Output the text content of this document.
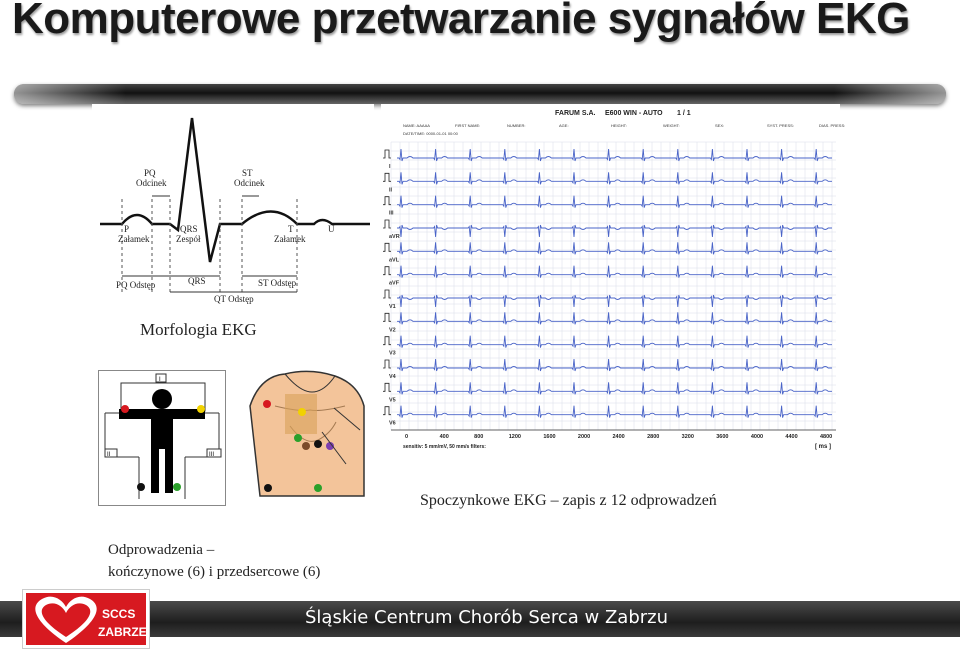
Komputerowe przetwarzanie sygnałów EKG
PQ
Odcinek
ST
Odcinek
P
Załamek
QRS
Zespół
T
Załamek
U
PQ Odstęp	QRS	ST Odstęp
QT Odstęp
Morfologia EKG
I
II	III
Odprowadzenia –
kończynowe (6) i przedsercowe (6)
FARUM S.A. E600 WIN - AUTO 1 / 1
NAME: AAAAA	FIRST NAME:	NUMBER:	AGE:	HEIGHT:	WEIGHT:	SEX:	SYST. PRESS:	DIAS. PRESS:
DATE/TIME: 0000-01-01 00:00
I
II
III
aVR
aVL
aVF
V1
V2
V3
V4
V5
V6
0	400	800	1200	1600	2000	2400	2800	3200	3600	4000	4400	4800
sensitiv: 5 mm/mV, 50 mm/s filters:	[ ms ]
Spoczynkowe EKG – zapis z 12 odprowadzeń
Śląskie Centrum Chorób Serca w Zabrzu
SCCS
ZABRZE
